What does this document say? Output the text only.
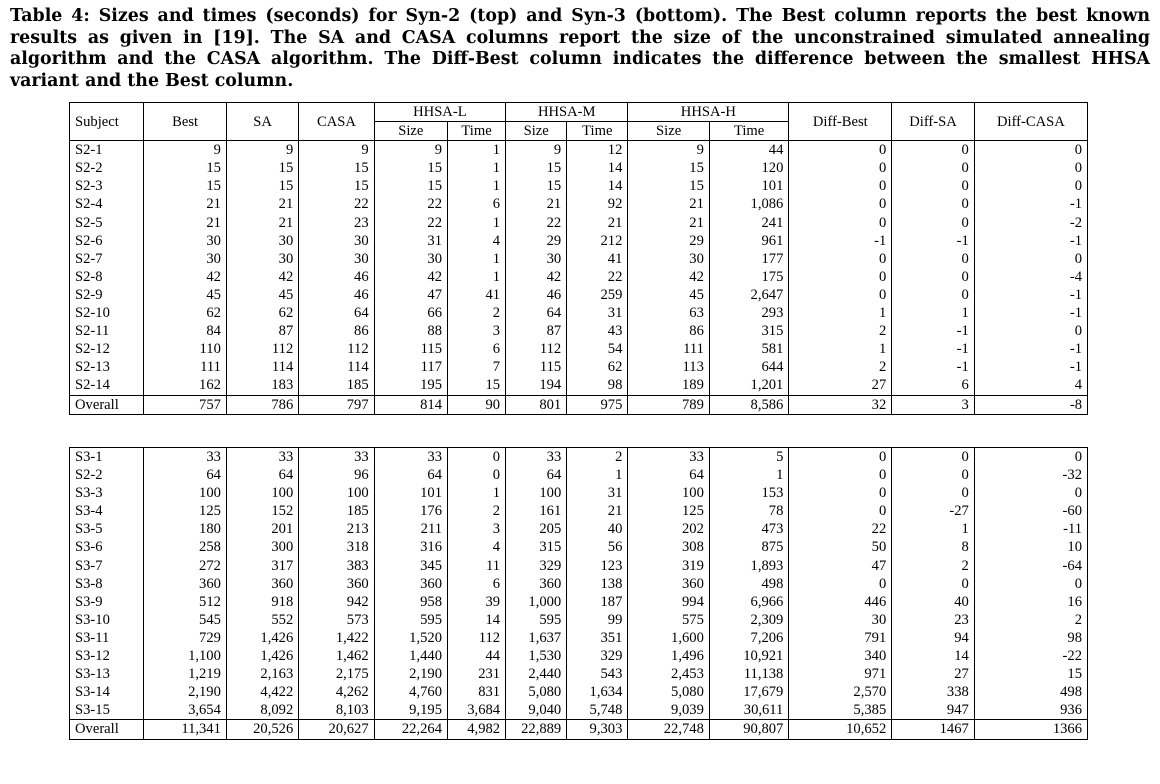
Table 4: Sizes and times (seconds) for Syn-2 (top) and Syn-3 (bottom). The Best column reports the best known results as given in [19]. The SA and CASA columns report the size of the unconstrained simulated annealing algorithm and the CASA algorithm. The Diff-Best column indicates the difference between the smallest HHSA variant and the Best column.
Subject	Best	SA	CASA	HHSA-L		HHSA-M		HHSA-H		Diff-Best	Diff-SA	Diff-CASA
				Size	Time	Size	Time	Size	Time			
S2-1	9	9	9	9	1	9	12	9	44	0	0	0
S2-2	15	15	15	15	1	15	14	15	120	0	0	0
S2-3	15	15	15	15	1	15	14	15	101	0	0	0
S2-4	21	21	22	22	6	21	92	21	1,086	0	0	-1
S2-5	21	21	23	22	1	22	21	21	241	0	0	-2
S2-6	30	30	30	31	4	29	212	29	961	-1	-1	-1
S2-7	30	30	30	30	1	30	41	30	177	0	0	0
S2-8	42	42	46	42	1	42	22	42	175	0	0	-4
S2-9	45	45	46	47	41	46	259	45	2,647	0	0	-1
S2-10	62	62	64	66	2	64	31	63	293	1	1	-1
S2-11	84	87	86	88	3	87	43	86	315	2	-1	0
S2-12	110	112	112	115	6	112	54	111	581	1	-1	-1
S2-13	111	114	114	117	7	115	62	113	644	2	-1	-1
S2-14	162	183	185	195	15	194	98	189	1,201	27	6	4
Overall	757	786	797	814	90	801	975	789	8,586	32	3	-8
S3-1	33	33	33	33	0	33	2	33	5	0	0	0
S2-2	64	64	96	64	0	64	1	64	1	0	0	-32
S3-3	100	100	100	101	1	100	31	100	153	0	0	0
S3-4	125	152	185	176	2	161	21	125	78	0	-27	-60
S3-5	180	201	213	211	3	205	40	202	473	22	1	-11
S3-6	258	300	318	316	4	315	56	308	875	50	8	10
S3-7	272	317	383	345	11	329	123	319	1,893	47	2	-64
S3-8	360	360	360	360	6	360	138	360	498	0	0	0
S3-9	512	918	942	958	39	1,000	187	994	6,966	446	40	16
S3-10	545	552	573	595	14	595	99	575	2,309	30	23	2
S3-11	729	1,426	1,422	1,520	112	1,637	351	1,600	7,206	791	94	98
S3-12	1,100	1,426	1,462	1,440	44	1,530	329	1,496	10,921	340	14	-22
S3-13	1,219	2,163	2,175	2,190	231	2,440	543	2,453	11,138	971	27	15
S3-14	2,190	4,422	4,262	4,760	831	5,080	1,634	5,080	17,679	2,570	338	498
S3-15	3,654	8,092	8,103	9,195	3,684	9,040	5,748	9,039	30,611	5,385	947	936
Overall	11,341	20,526	20,627	22,264	4,982	22,889	9,303	22,748	90,807	10,652	1467	1366
